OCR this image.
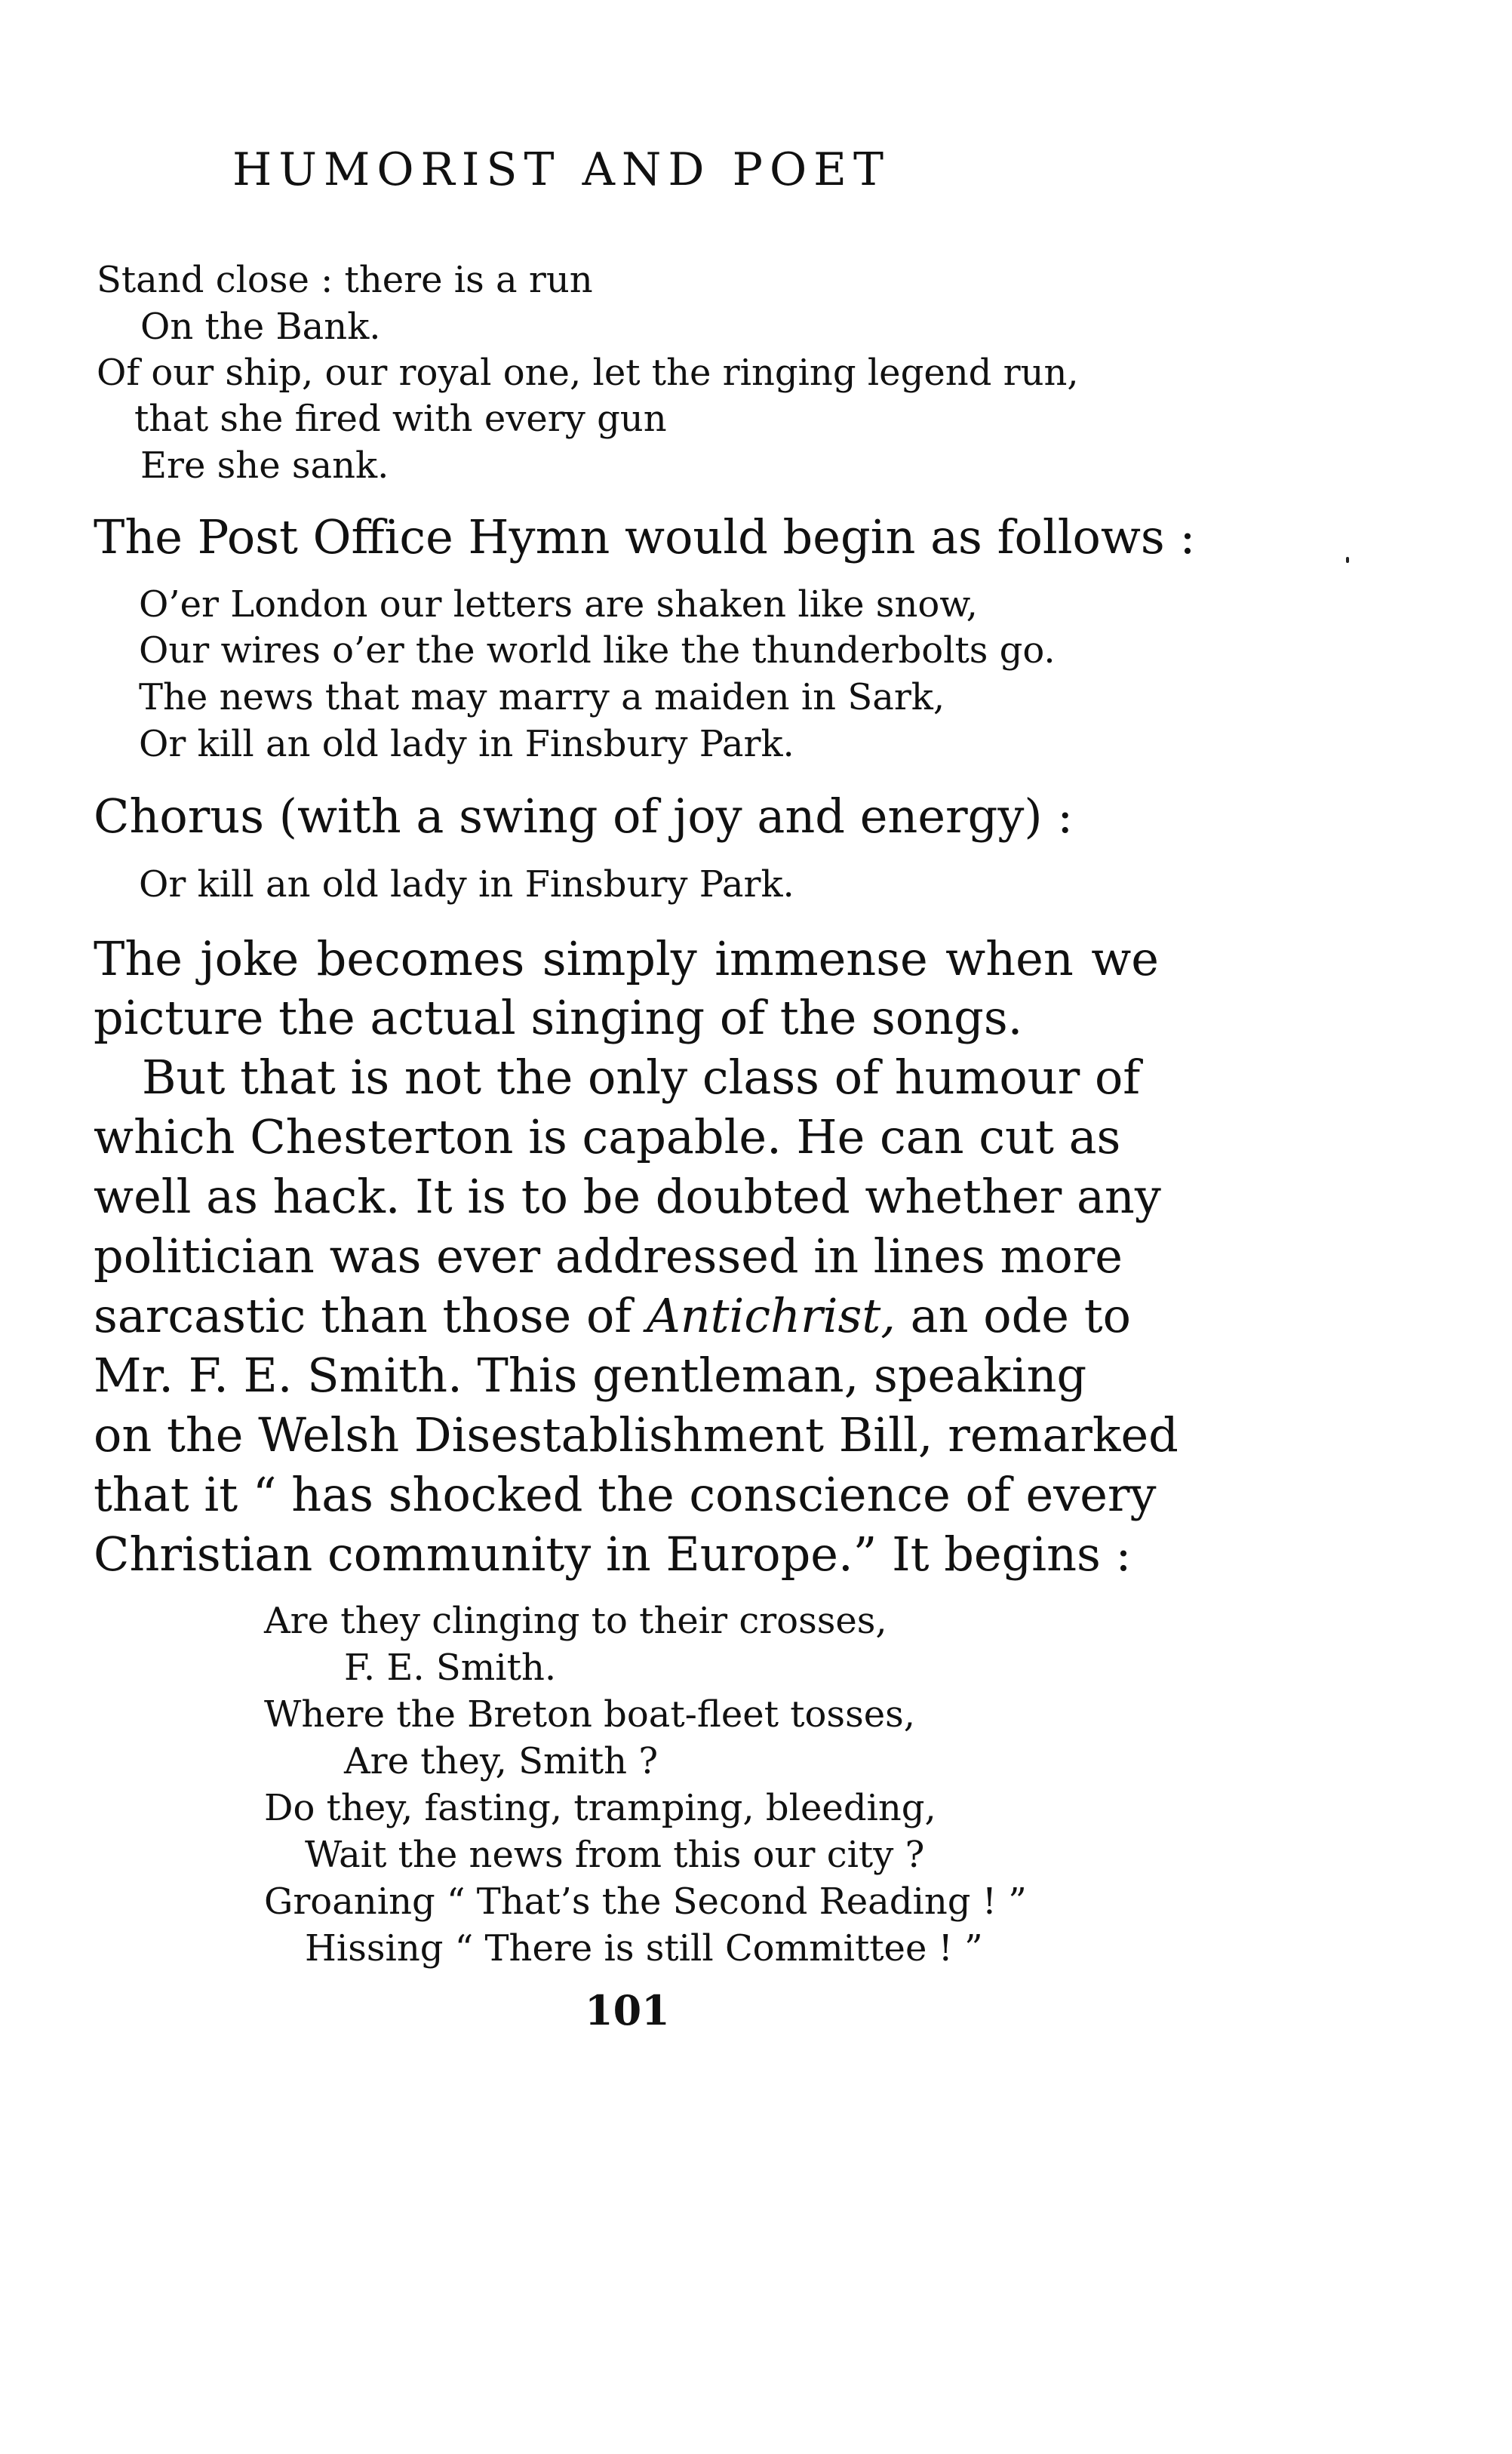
HUMORIST AND POET
Stand close : there is a run
On the Bank.
Of our ship, our royal one, let the ringing legend run,
that she fired with every gun
Ere she sank.
The Post Office Hymn would begin as follows :
O’er London our letters are shaken like snow,
Our wires o’er the world like the thunderbolts go.
The news that may marry a maiden in Sark,
Or kill an old lady in Finsbury Park.
Chorus (with a swing of joy and energy) :
Or kill an old lady in Finsbury Park.
The joke becomes simply immense when we
picture the actual singing of the songs.
But that is not the only class of humour of
which Chesterton is capable. He can cut as
well as hack. It is to be doubted whether any
politician was ever addressed in lines more
sarcastic than those of Antichrist, an ode to
Mr. F. E. Smith. This gentleman, speaking
on the Welsh Disestablishment Bill, remarked
that it “ has shocked the conscience of every
Christian community in Europe.” It begins :
Are they clinging to their crosses,
F. E. Smith.
Where the Breton boat-fleet tosses,
Are they, Smith ?
Do they, fasting, tramping, bleeding,
Wait the news from this our city ?
Groaning “ That’s the Second Reading ! ”
Hissing “ There is still Committee ! ”
101
